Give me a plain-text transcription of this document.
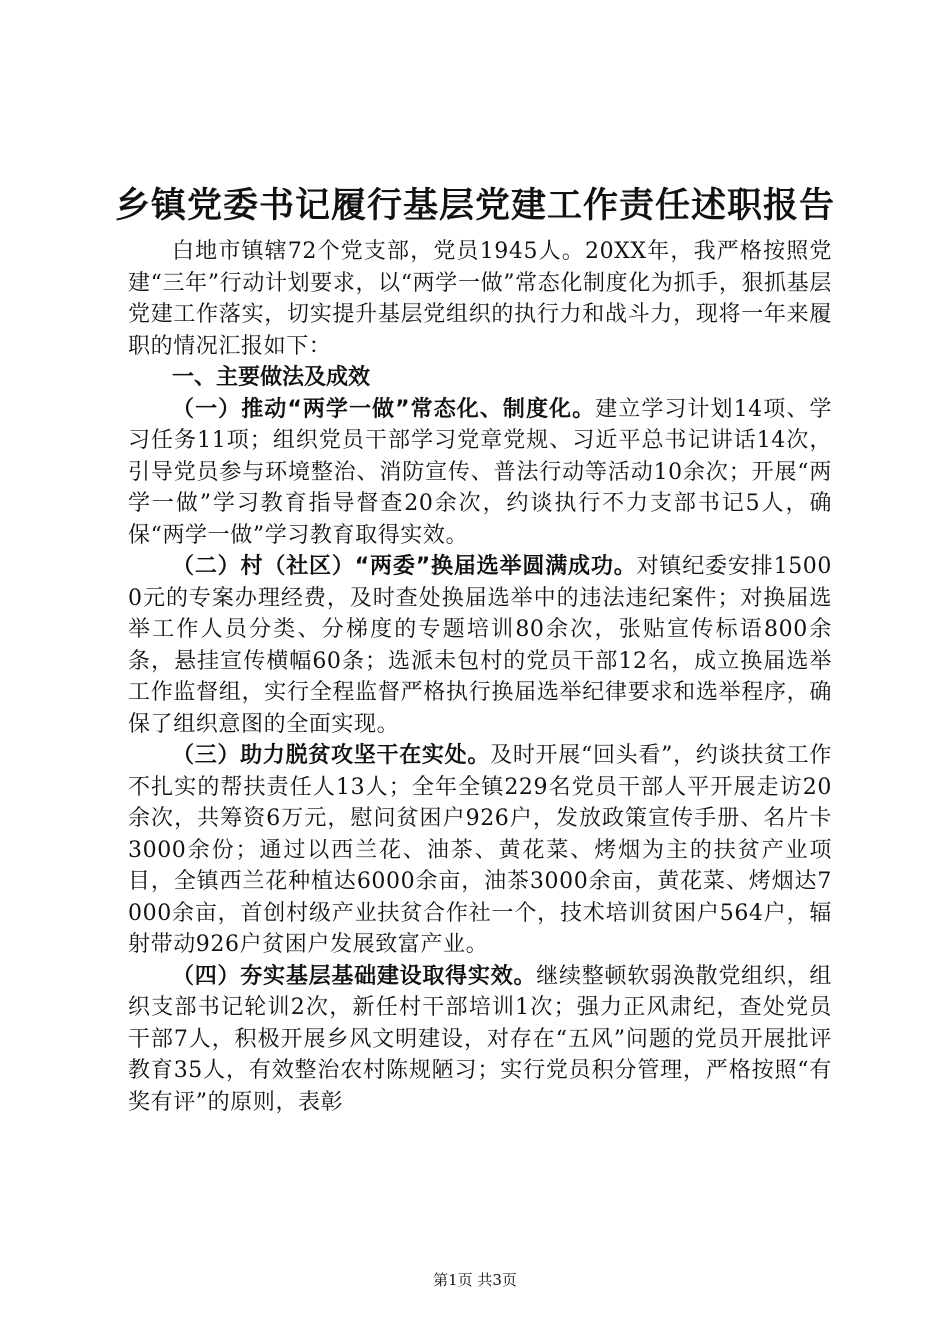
乡镇党委书记履行基层党建工作责任述职报告

白地市镇辖72个党支部，党员1945人。20XX年，我严格按照党建“三年”行动计划要求，以“两学一做”常态化制度化为抓手，狠抓基层党建工作落实，切实提升基层党组织的执行力和战斗力，现将一年来履职的情况汇报如下：

一、主要做法及成效

（一）推动“两学一做”常态化、制度化。建立学习计划14项、学习任务11项；组织党员干部学习党章党规、习近平总书记讲话14次，引导党员参与环境整治、消防宣传、普法行动等活动10余次；开展“两学一做”学习教育指导督查20余次，约谈执行不力支部书记5人，确保“两学一做”学习教育取得实效。

（二）村（社区）“两委”换届选举圆满成功。对镇纪委安排15000元的专案办理经费，及时查处换届选举中的违法违纪案件；对换届选举工作人员分类、分梯度的专题培训80余次，张贴宣传标语800余条，悬挂宣传横幅60条；选派未包村的党员干部12名，成立换届选举工作监督组，实行全程监督严格执行换届选举纪律要求和选举程序，确保了组织意图的全面实现。

（三）助力脱贫攻坚干在实处。及时开展“回头看”，约谈扶贫工作不扎实的帮扶责任人13人；全年全镇229名党员干部人平开展走访20余次，共筹资6万元，慰问贫困户926户，发放政策宣传手册、名片卡3000余份；通过以西兰花、油茶、黄花菜、烤烟为主的扶贫产业项目，全镇西兰花种植达6000余亩，油茶3000余亩，黄花菜、烤烟达7000余亩，首创村级产业扶贫合作社一个，技术培训贫困户564户，辐射带动926户贫困户发展致富产业。

（四）夯实基层基础建设取得实效。继续整顿软弱涣散党组织，组织支部书记轮训2次，新任村干部培训1次；强力正风肃纪，查处党员干部7人，积极开展乡风文明建设，对存在“五风”问题的党员开展批评教育35人，有效整治农村陈规陋习；实行党员积分管理，严格按照“有奖有评”的原则，表彰

第1页 共3页
